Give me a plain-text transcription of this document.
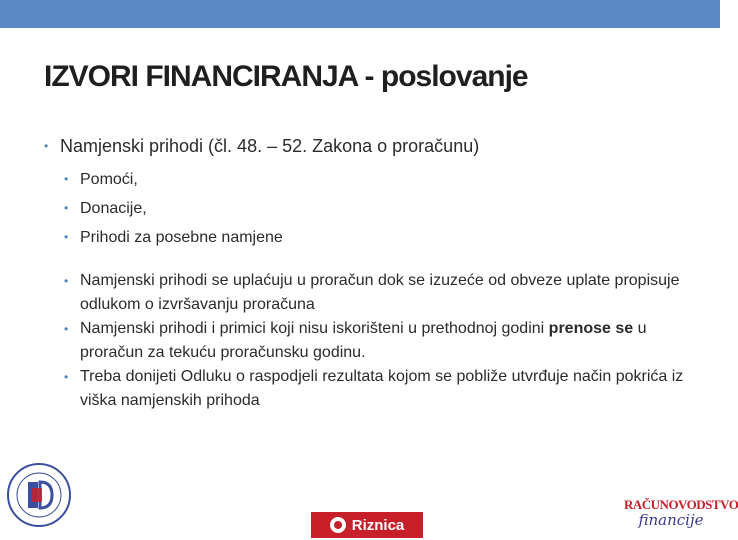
IZVORI FINANCIRANJA - poslovanje
• Namjenski prihodi (čl. 48. – 52. Zakona o proračunu)
• Pomoći,
• Donacije,
• Prihodi za posebne namjene
• Namjenski prihodi se uplaćuju u proračun dok se izuzeće od obveze uplate propisuje odlukom o izvršavanju proračuna
• Namjenski prihodi i primici koji nisu iskorišteni u prethodnoj godini prenose se u proračun za tekuću proračunsku godinu.
• Treba donijeti Odluku o raspodjeli rezultata kojom se pobliže utvrđuje način pokrića iz viška namjenskih prihoda
Riznica
RAČUNOVODSTVO
financije
